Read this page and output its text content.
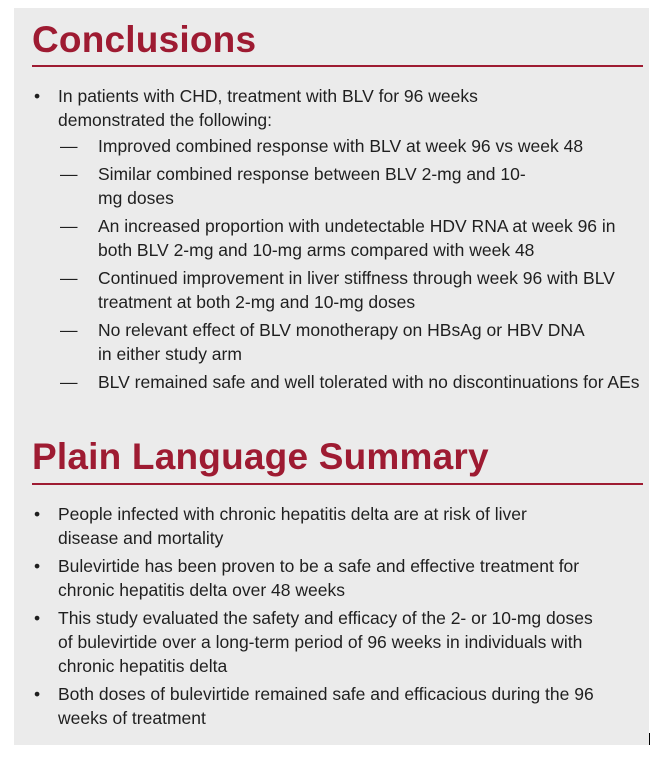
Conclusions
• In patients with CHD, treatment with BLV for 96 weeks demonstrated the following:
— Improved combined response with BLV at week 96 vs week 48
— Similar combined response between BLV 2-mg and 10-mg doses
— An increased proportion with undetectable HDV RNA at week 96 in both BLV 2-mg and 10-mg arms compared with week 48
— Continued improvement in liver stiffness through week 96 with BLV treatment at both 2-mg and 10-mg doses
— No relevant effect of BLV monotherapy on HBsAg or HBV DNA in either study arm
— BLV remained safe and well tolerated with no discontinuations for AEs
Plain Language Summary
• People infected with chronic hepatitis delta are at risk of liver disease and mortality
• Bulevirtide has been proven to be a safe and effective treatment for chronic hepatitis delta over 48 weeks
• This study evaluated the safety and efficacy of the 2- or 10-mg doses of bulevirtide over a long-term period of 96 weeks in individuals with chronic hepatitis delta
• Both doses of bulevirtide remained safe and efficacious during the 96 weeks of treatment
